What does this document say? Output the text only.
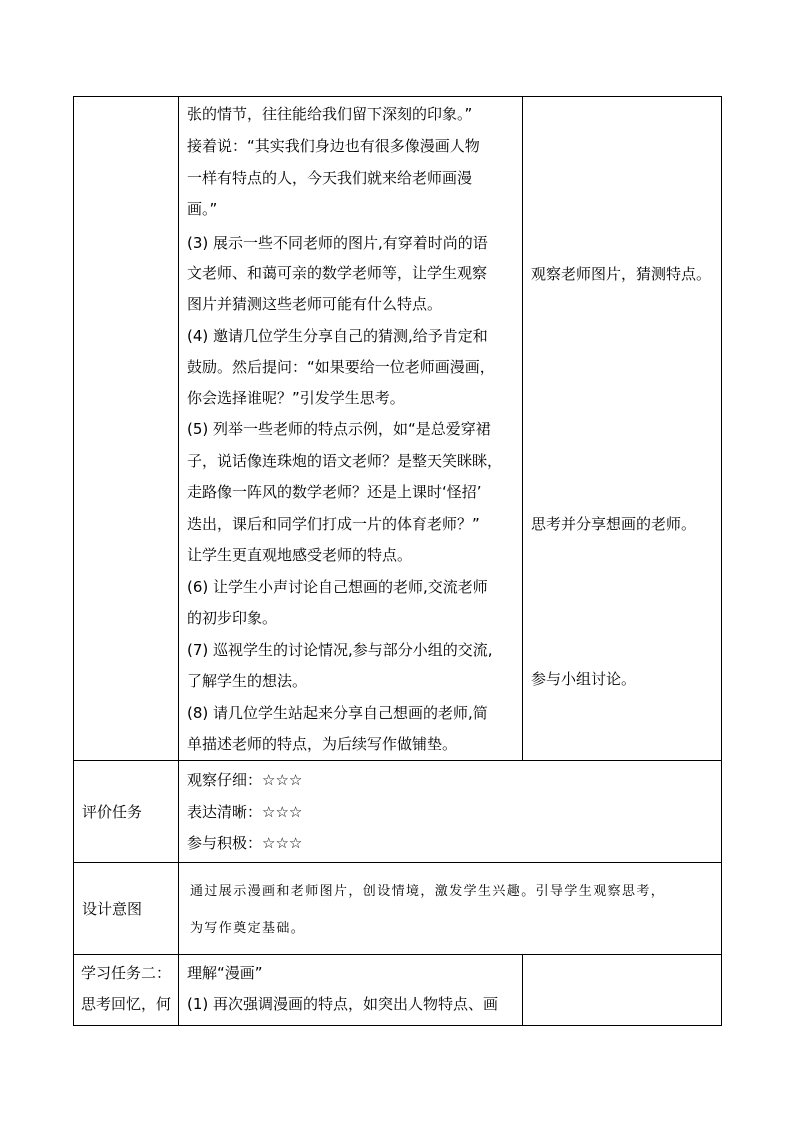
张的情节，往往能给我们留下深刻的印象。”
接着说：“其实我们身边也有很多像漫画人物
一样有特点的人，今天我们就来给老师画漫
画。”
(3) 展示一些不同老师的图片,有穿着时尚的语
文老师、和蔼可亲的数学老师等，让学生观察
图片并猜测这些老师可能有什么特点。
(4) 邀请几位学生分享自己的猜测,给予肯定和
鼓励。然后提问：“如果要给一位老师画漫画，
你会选择谁呢？”引发学生思考。
(5) 列举一些老师的特点示例，如“是总爱穿裙
子，说话像连珠炮的语文老师？是整天笑眯眯，
走路像一阵风的数学老师？还是上课时‘怪招’
迭出，课后和同学们打成一片的体育老师？”
让学生更直观地感受老师的特点。
(6) 让学生小声讨论自己想画的老师,交流老师
的初步印象。
(7) 巡视学生的讨论情况,参与部分小组的交流,
了解学生的想法。
(8) 请几位学生站起来分享自己想画的老师,简
单描述老师的特点，为后续写作做铺垫。
观察老师图片，猜测特点。
思考并分享想画的老师。
参与小组讨论。
评价任务
观察仔细：☆☆☆
表达清晰：☆☆☆
参与积极：☆☆☆
设计意图
通过展示漫画和老师图片，创设情境，激发学生兴趣。引导学生观察思考，
为写作奠定基础。
学习任务二：
思考回忆，何
理解“漫画”
(1) 再次强调漫画的特点，如突出人物特点、画
